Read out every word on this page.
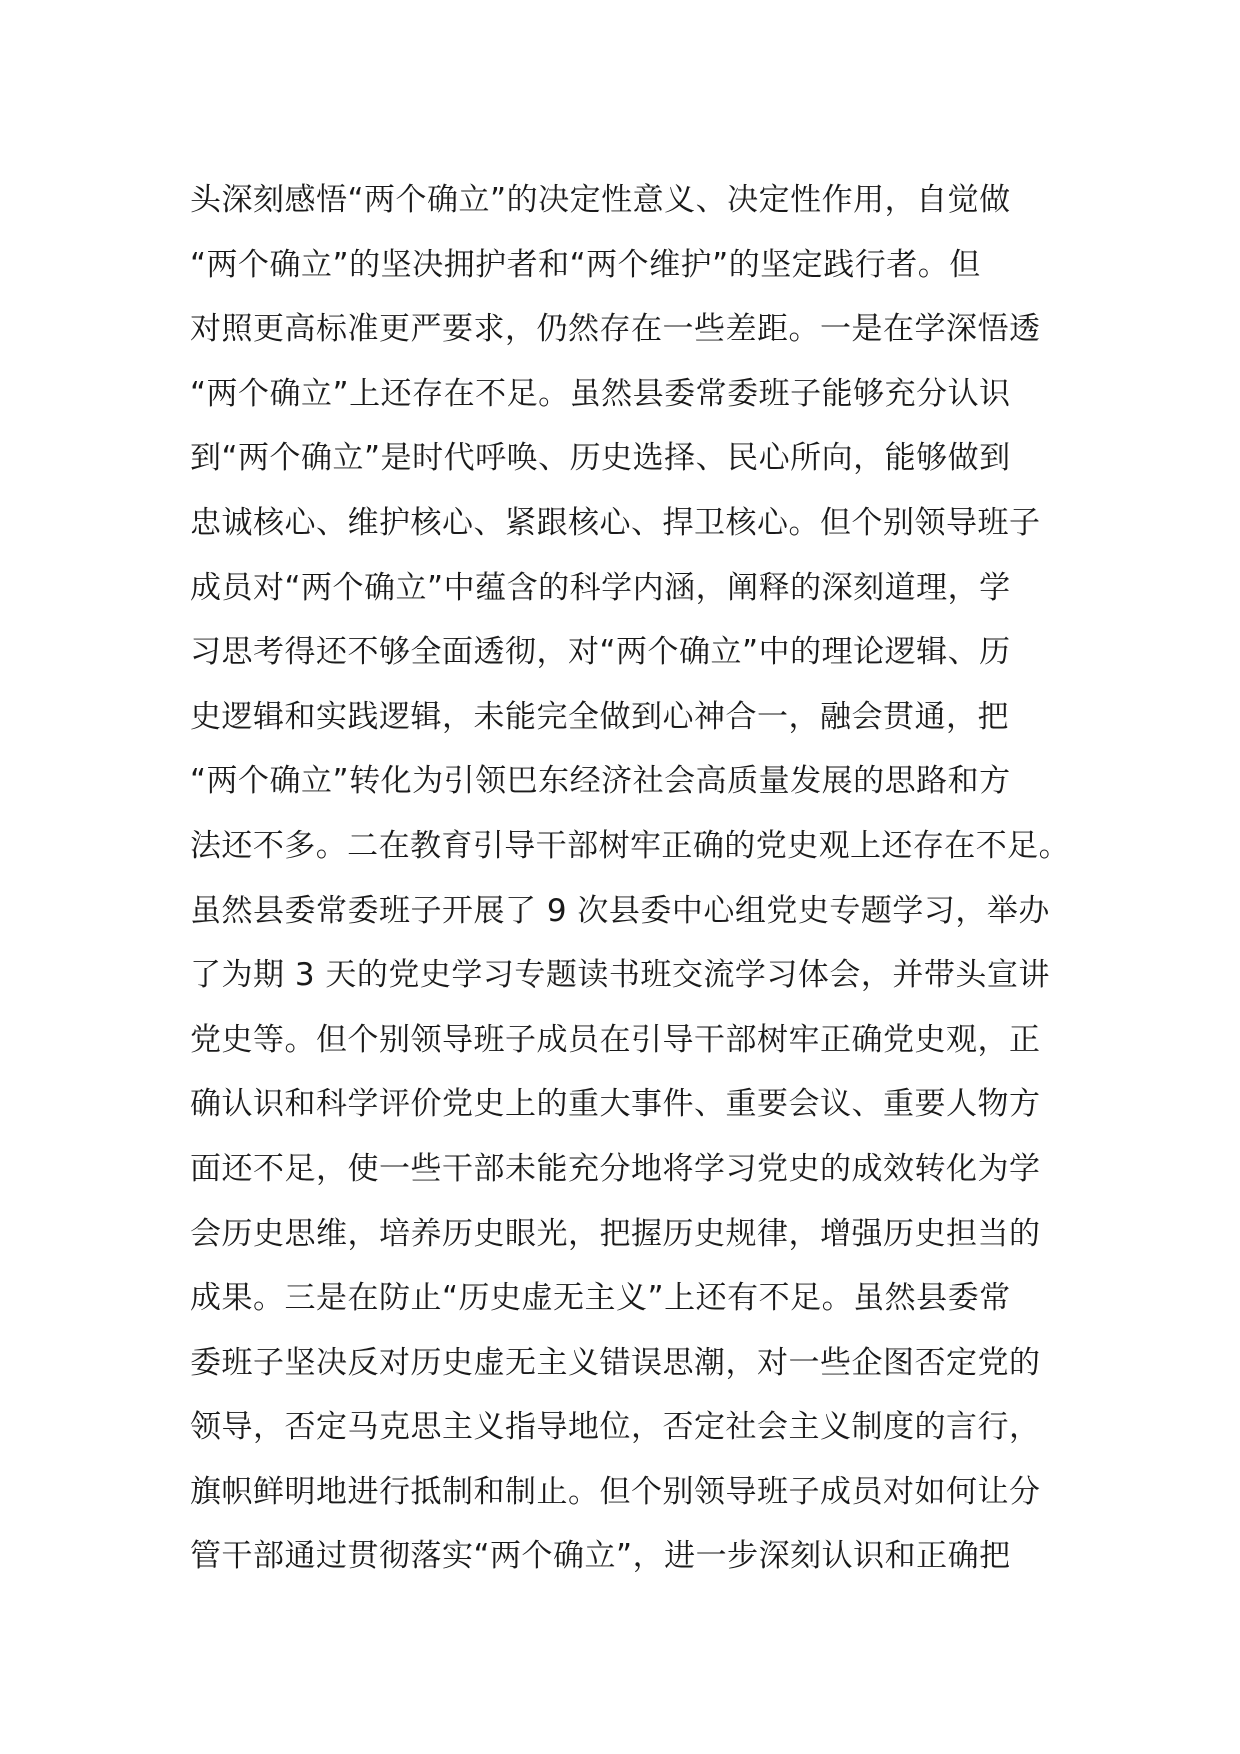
头深刻感悟“两个确立”的决定性意义、决定性作用，自觉做
“两个确立”的坚决拥护者和“两个维护”的坚定践行者。但
对照更高标准更严要求，仍然存在一些差距。一是在学深悟透
“两个确立”上还存在不足。虽然县委常委班子能够充分认识
到“两个确立”是时代呼唤、历史选择、民心所向，能够做到
忠诚核心、维护核心、紧跟核心、捍卫核心。但个别领导班子
成员对“两个确立”中蕴含的科学内涵，阐释的深刻道理，学
习思考得还不够全面透彻，对“两个确立”中的理论逻辑、历
史逻辑和实践逻辑，未能完全做到心神合一，融会贯通，把
“两个确立”转化为引领巴东经济社会高质量发展的思路和方
法还不多。二在教育引导干部树牢正确的党史观上还存在不足。
虽然县委常委班子开展了 9 次县委中心组党史专题学习，举办
了为期 3 天的党史学习专题读书班交流学习体会，并带头宣讲
党史等。但个别领导班子成员在引导干部树牢正确党史观，正
确认识和科学评价党史上的重大事件、重要会议、重要人物方
面还不足，使一些干部未能充分地将学习党史的成效转化为学
会历史思维，培养历史眼光，把握历史规律，增强历史担当的
成果。三是在防止“历史虚无主义”上还有不足。虽然县委常
委班子坚决反对历史虚无主义错误思潮，对一些企图否定党的
领导，否定马克思主义指导地位，否定社会主义制度的言行，
旗帜鲜明地进行抵制和制止。但个别领导班子成员对如何让分
管干部通过贯彻落实“两个确立”，进一步深刻认识和正确把
